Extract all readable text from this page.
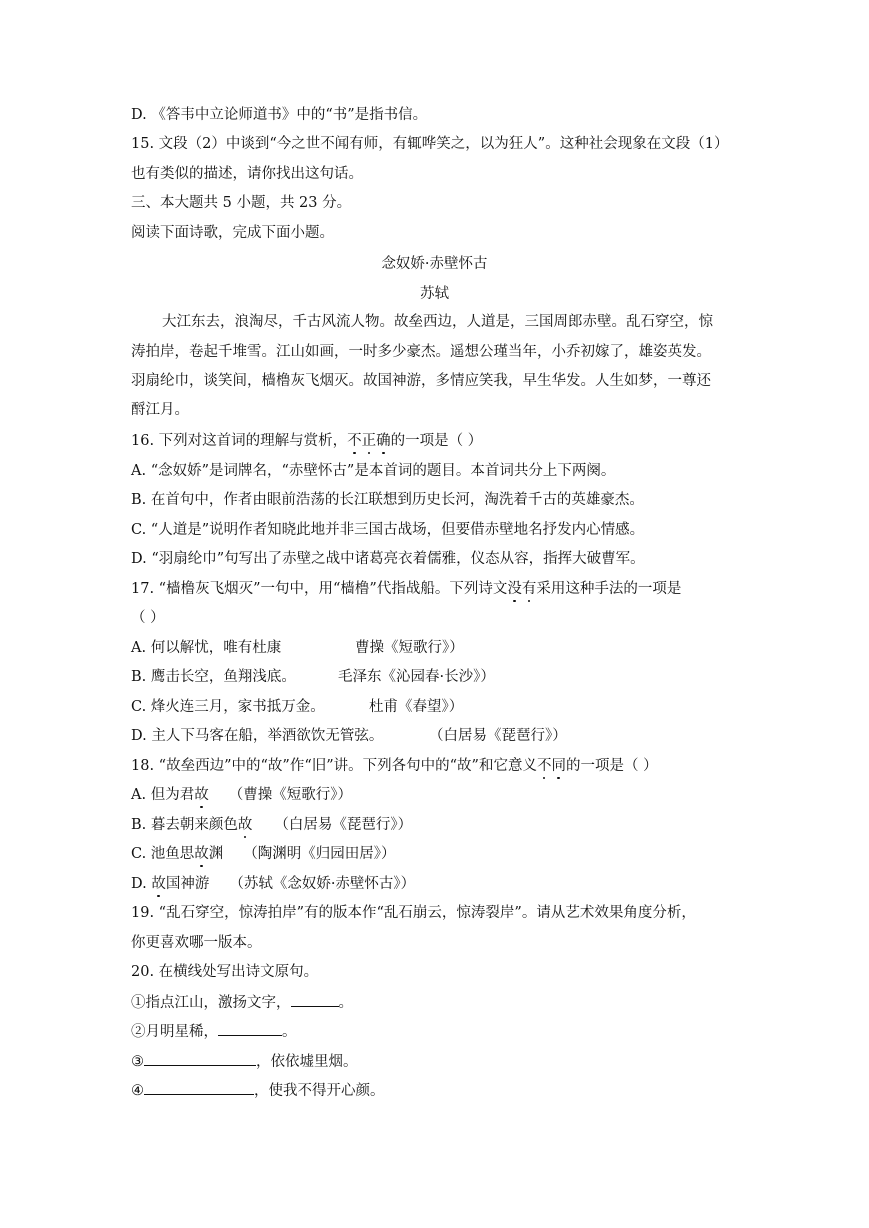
D. 《答韦中立论师道书》中的“书”是指书信。
15. 文段（2）中谈到“今之世不闻有师，有辄哗笑之，以为狂人”。这种社会现象在文段（1）
也有类似的描述，请你找出这句话。
三、本大题共 5 小题，共 23 分。
阅读下面诗歌，完成下面小题。
念奴娇·赤壁怀古
苏轼
大江东去，浪淘尽，千古风流人物。故垒西边，人道是，三国周郎赤壁。乱石穿空，惊
涛拍岸，卷起千堆雪。江山如画，一时多少豪杰。遥想公瑾当年，小乔初嫁了，雄姿英发。
羽扇纶巾，谈笑间，樯橹灰飞烟灭。故国神游，多情应笑我，早生华发。人生如梦，一尊还
酹江月。
16. 下列对这首词的理解与赏析，不正确的一项是（ ）
A. “念奴娇”是词牌名，“赤壁怀古”是本首词的题目。本首词共分上下两阕。
B. 在首句中，作者由眼前浩荡的长江联想到历史长河，淘洗着千古的英雄豪杰。
C. “人道是”说明作者知晓此地并非三国古战场，但要借赤壁地名抒发内心情感。
D. “羽扇纶巾”句写出了赤壁之战中诸葛亮衣着儒雅，仪态从容，指挥大破曹军。
17. “樯橹灰飞烟灭”一句中，用“樯橹”代指战船。下列诗文没有采用这种手法的一项是
（ ）
A. 何以解忧，唯有杜康	曹操《短歌行》）
B. 鹰击长空，鱼翔浅底。	毛泽东《沁园春·长沙》）
C. 烽火连三月，家书抵万金。	杜甫《春望》）
D. 主人下马客在船，举酒欲饮无管弦。	（白居易《琵琶行》）
18. “故垒西边”中的“故”作“旧”讲。下列各句中的“故”和它意义不同的一项是（ ）
A. 但为君故 （曹操《短歌行》）
B. 暮去朝来颜色故 （白居易《琵琶行》）
C. 池鱼思故渊 （陶渊明《归园田居》）
D. 故国神游 （苏轼《念奴娇·赤壁怀古》）
19. “乱石穿空，惊涛拍岸”有的版本作“乱石崩云，惊涛裂岸”。请从艺术效果角度分析，
你更喜欢哪一版本。
20. 在横线处写出诗文原句。
①指点江山，激扬文字，	。
②月明星稀，	。
③	，依依墟里烟。
④	，使我不得开心颜。
